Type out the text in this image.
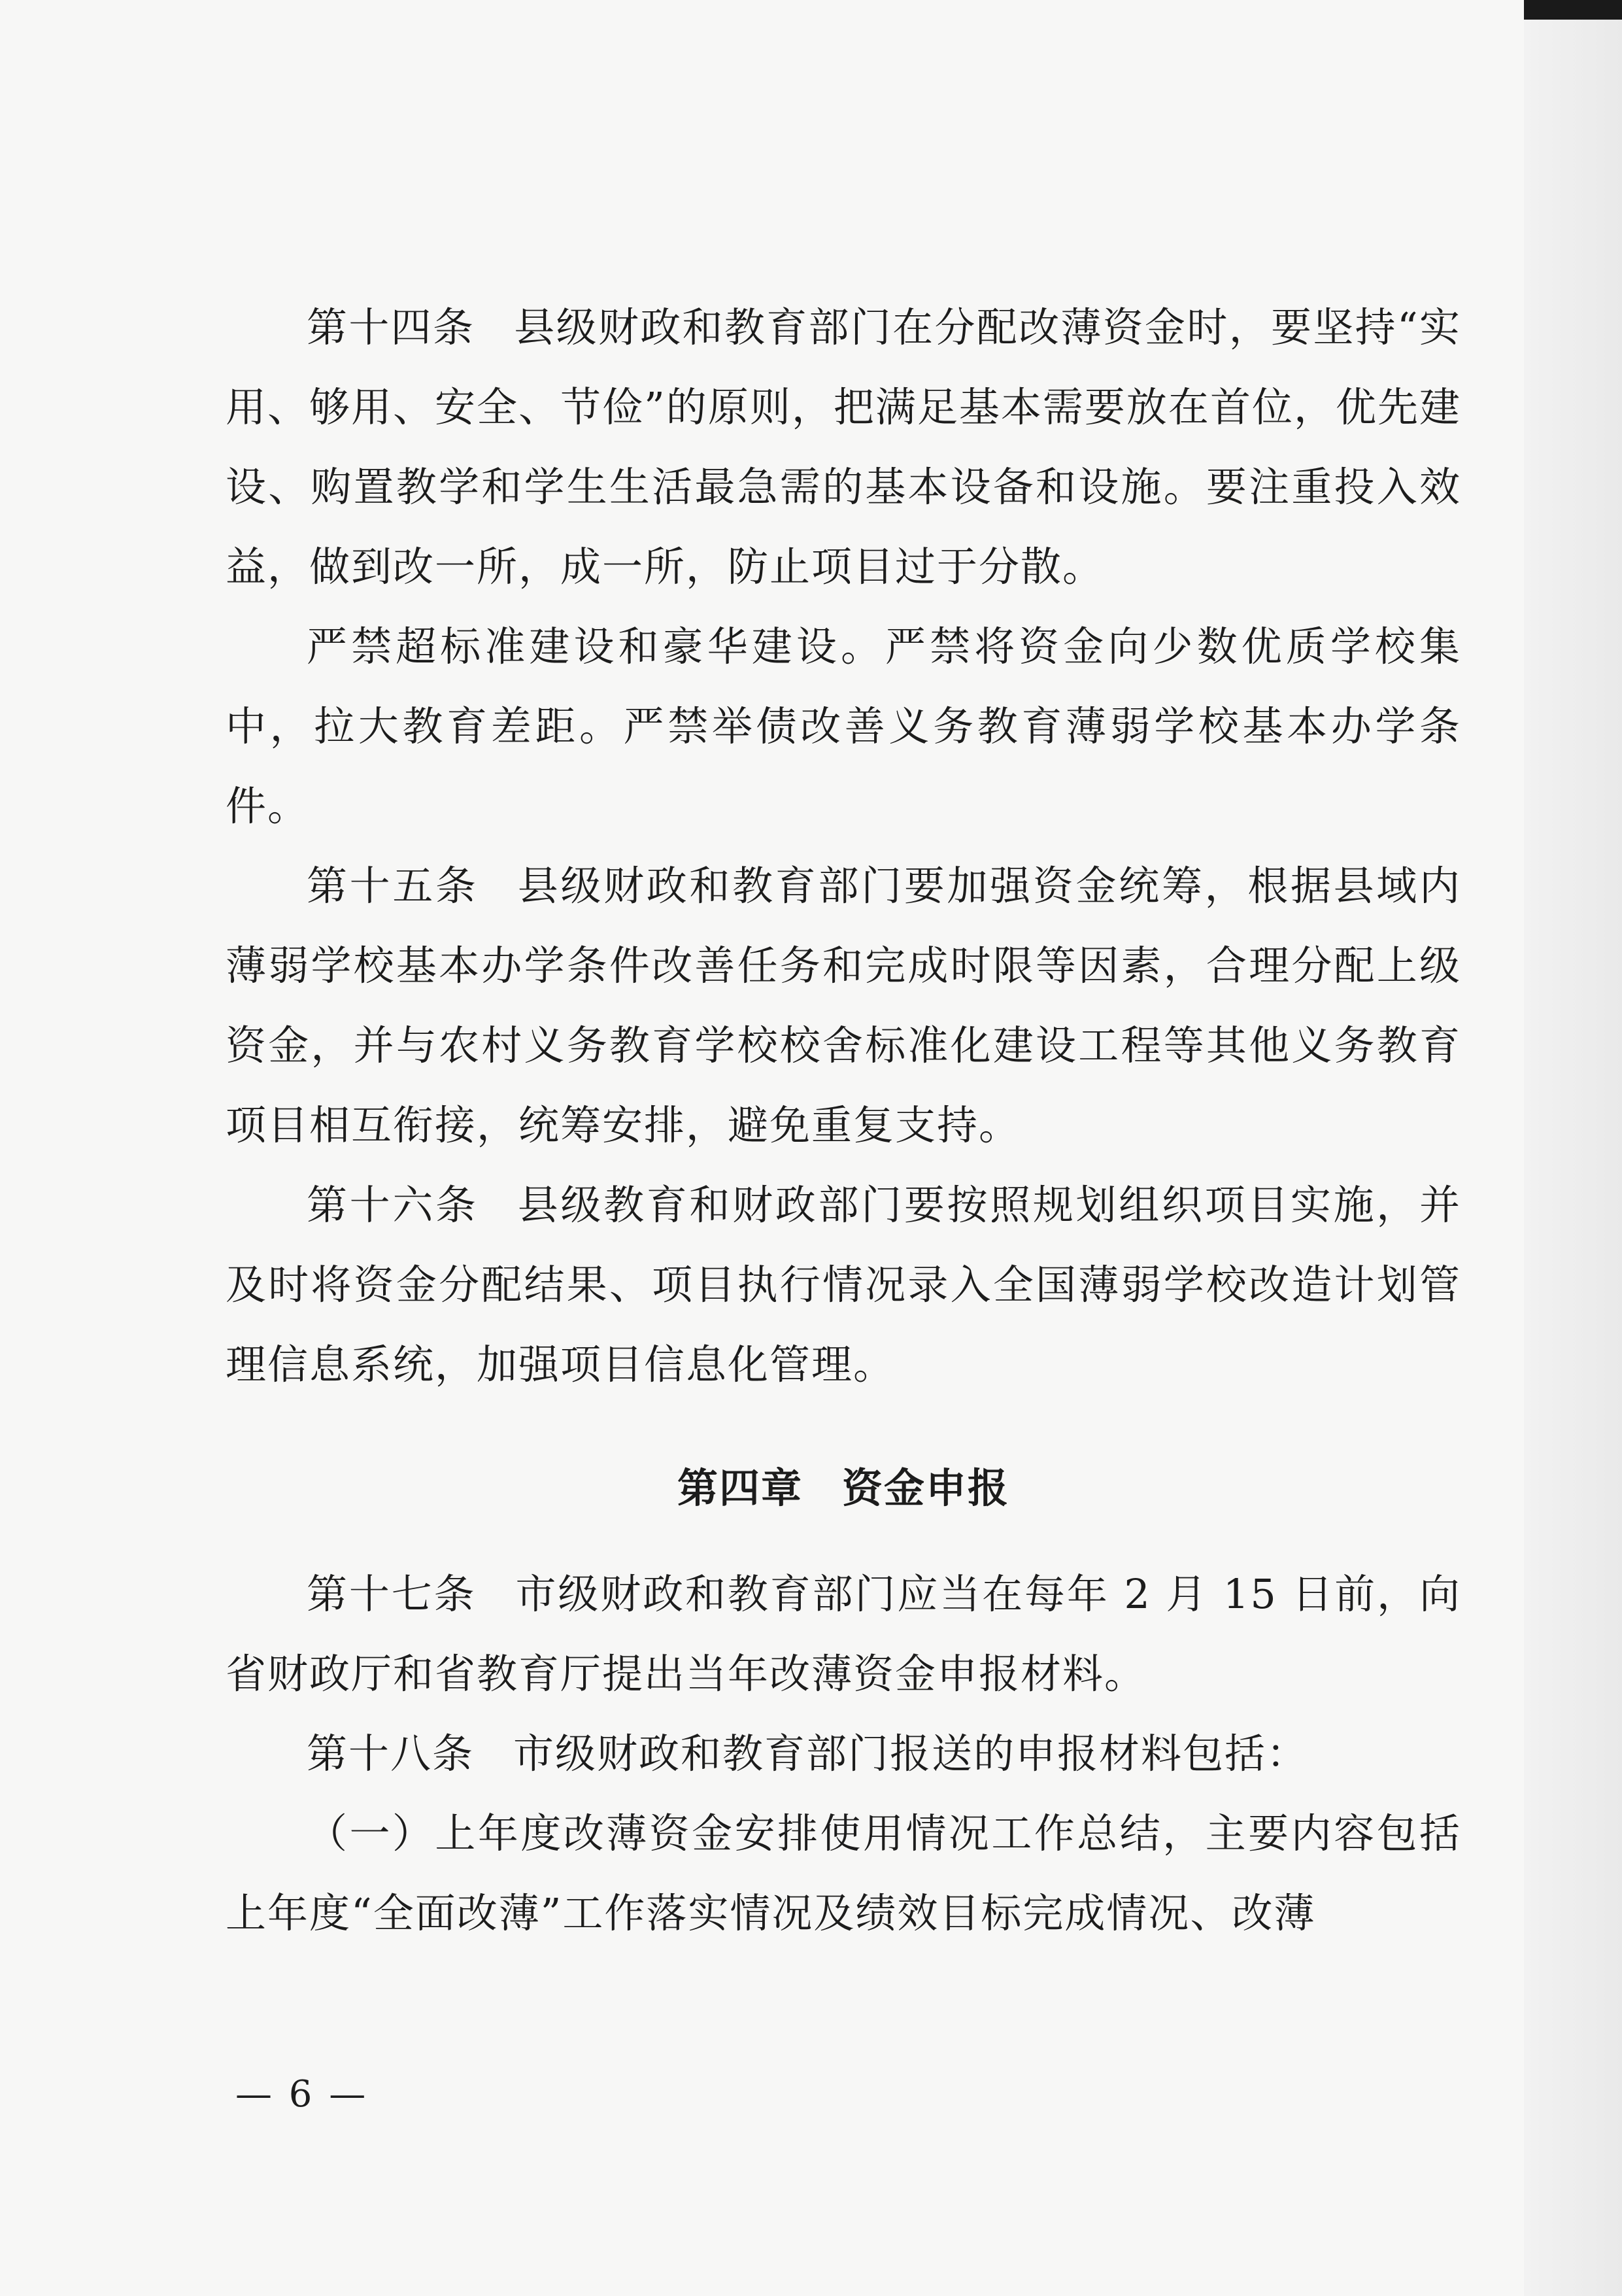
第十四条 县级财政和教育部门在分配改薄资金时，要坚持“实用、够用、安全、节俭”的原则，把满足基本需要放在首位，优先建设、购置教学和学生生活最急需的基本设备和设施。要注重投入效益，做到改一所，成一所，防止项目过于分散。

严禁超标准建设和豪华建设。严禁将资金向少数优质学校集中，拉大教育差距。严禁举债改善义务教育薄弱学校基本办学条件。

第十五条 县级财政和教育部门要加强资金统筹，根据县域内薄弱学校基本办学条件改善任务和完成时限等因素，合理分配上级资金，并与农村义务教育学校校舍标准化建设工程等其他义务教育项目相互衔接，统筹安排，避免重复支持。

第十六条 县级教育和财政部门要按照规划组织项目实施，并及时将资金分配结果、项目执行情况录入全国薄弱学校改造计划管理信息系统，加强项目信息化管理。

第四章 资金申报

第十七条 市级财政和教育部门应当在每年 2 月 15 日前，向省财政厅和省教育厅提出当年改薄资金申报材料。

第十八条 市级财政和教育部门报送的申报材料包括：

（一）上年度改薄资金安排使用情况工作总结，主要内容包括上年度“全面改薄”工作落实情况及绩效目标完成情况、改薄

— 6 —
